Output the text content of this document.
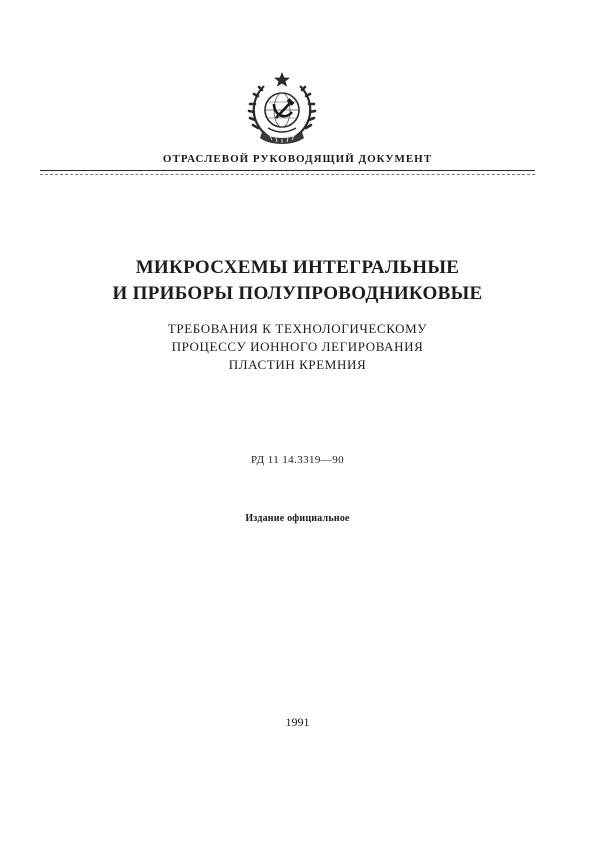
ОТРАСЛЕВОЙ РУКОВОДЯЩИЙ ДОКУМЕНТ
МИКРОСХЕМЫ ИНТЕГРАЛЬНЫЕ
И ПРИБОРЫ ПОЛУПРОВОДНИКОВЫЕ
ТРЕБОВАНИЯ К ТЕХНОЛОГИЧЕСКОМУ
ПРОЦЕССУ ИОННОГО ЛЕГИРОВАНИЯ
ПЛАСТИН КРЕМНИЯ
РД 11 14.3319—90
Издание официальное
1991
